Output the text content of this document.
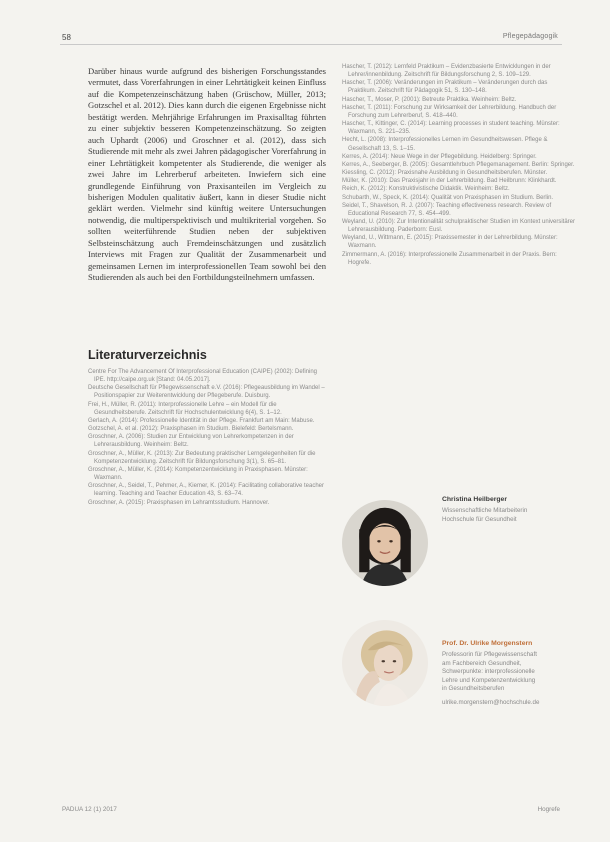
58	Pflegepädagogik

Darüber hinaus wurde aufgrund des bisherigen Forschungsstandes vermutet, dass Vorerfahrungen in einer Lehrtätigkeit keinen Einfluss auf die Kompetenzeinschätzung haben (Grüschow, Müller, 2013; Gotzschel et al. 2012). Dies kann durch die eigenen Ergebnisse nicht bestätigt werden. Mehrjährige Erfahrungen im Praxisalltag führten zu einer subjektiv besseren Kompetenzeinschätzung. So zeigten auch Uphardt (2006) und Groschner et al. (2012), dass sich Studierende mit mehr als zwei Jahren pädagogischer Vorerfahrung in einer Lehrtätigkeit kompetenter als Studierende, die weniger als zwei Jahre im Lehrerberuf arbeiteten. Inwiefern sich eine grundlegende Einführung von Praxisanteilen im Vergleich zu bisherigen Modulen qualitativ äußert, kann in dieser Studie nicht geklärt werden. Vielmehr sind künftig weitere Untersuchungen notwendig, die multiperspektivisch und multikriterial vorgehen. So sollten weiterführende Studien neben der subjektiven Selbsteinschätzung auch Fremdeinschätzungen und zusätzlich Interviews mit Fragen zur Qualität der Zusammenarbeit und gemeinsamen Lernen im interprofessionellen Team sowohl bei den Studierenden als auch bei den Fortbildungsteilnehmern umfassen.

Literaturverzeichnis

Centre For The Advancement Of Interprofessional Education (CAIPE) (2002): Defining IPE. http://caipe.org.uk [Stand: 04.05.2017].

Deutsche Gesellschaft für Pflegewissenschaft e.V. (2016): Pflegeausbildung im Wandel – Positionspapier zur Weiterentwicklung der Pflegeberufe. Duisburg.

Frei, H., Müller, R. (2011): Interprofessionelle Lehre – ein Modell für die Gesundheitsberufe. Zeitschrift für Hochschulentwicklung 6(4), S. 1–12.

Gerlach, A. (2014): Professionelle Identität in der Pflege. Frankfurt am Main: Mabuse.

Gotzschel, A. et al. (2012): Praxisphasen im Studium. Bielefeld: Bertelsmann.

Groschner, A. (2006): Studien zur Entwicklung von Lehrerkompetenzen in der Lehrerausbildung. Weinheim: Beltz.

Groschner, A., Müller, K. (2013): Zur Bedeutung praktischer Lerngelegenheiten für die Kompetenzentwicklung. Zeitschrift für Bildungsforschung 3(1), S. 65–81.

Groschner, A., Müller, K. (2014): Kompetenzentwicklung in Praxisphasen. Münster: Waxmann.

Groschner, A., Seidel, T., Pehmer, A., Kiemer, K. (2014): Facilitating collaborative teacher learning. Teaching and Teacher Education 43, S. 63–74.

Groschner, A. (2015): Praxisphasen im Lehramtsstudium. Hannover.

Hascher, T. (2012): Lernfeld Praktikum – Evidenzbasierte Entwicklungen in der Lehrer/innenbildung. Zeitschrift für Bildungsforschung 2, S. 109–129.

Hascher, T. (2006): Veränderungen im Praktikum – Veränderungen durch das Praktikum. Zeitschrift für Pädagogik 51, S. 130–148.

Hascher, T., Moser, P. (2001): Betreute Praktika. Weinheim: Beltz.

Hascher, T. (2011): Forschung zur Wirksamkeit der Lehrerbildung. Handbuch der Forschung zum Lehrerberuf, S. 418–440.

Hascher, T., Kittinger, C. (2014): Learning processes in student teaching. Münster: Waxmann, S. 221–235.

Hecht, L. (2008): Interprofessionelles Lernen im Gesundheitswesen. Pflege & Gesellschaft 13, S. 1–15.

Kerres, A. (2014): Neue Wege in der Pflegebildung. Heidelberg: Springer.

Kerres, A., Seeberger, B. (2005): Gesamtlehrbuch Pflegemanagement. Berlin: Springer.

Kiessling, C. (2012): Praxisnahe Ausbildung in Gesundheitsberufen. Münster.

Müller, K. (2010): Das Praxisjahr in der Lehrerbildung. Bad Heilbrunn: Klinkhardt.

Reich, K. (2012): Konstruktivistische Didaktik. Weinheim: Beltz.

Schubarth, W., Speck, K. (2014): Qualität von Praxisphasen im Studium. Berlin.

Seidel, T., Shavelson, R. J. (2007): Teaching effectiveness research. Review of Educational Research 77, S. 454–499.

Weyland, U. (2010): Zur Intentionalität schulpraktischer Studien im Kontext universitärer Lehrerausbildung. Paderborn: Eusl.

Weyland, U., Wittmann, E. (2015): Praxissemester in der Lehrerbildung. Münster: Waxmann.

Zimmermann, A. (2016): Interprofessionelle Zusammenarbeit in der Praxis. Bern: Hogrefe.

Christina Heilberger
Wissenschaftliche Mitarbeiterin
Hochschule für Gesundheit
Prof. Dr. Ulrike Morgenstern
Professorin für Pflegewissenschaft
am Fachbereich Gesundheit,
Schwerpunkte: interprofessionelle
Lehre und Kompetenzentwicklung
in Gesundheitsberufen
ulrike.morgenstern@hochschule.de
PADUA 12 (1) 2017	Hogrefe
